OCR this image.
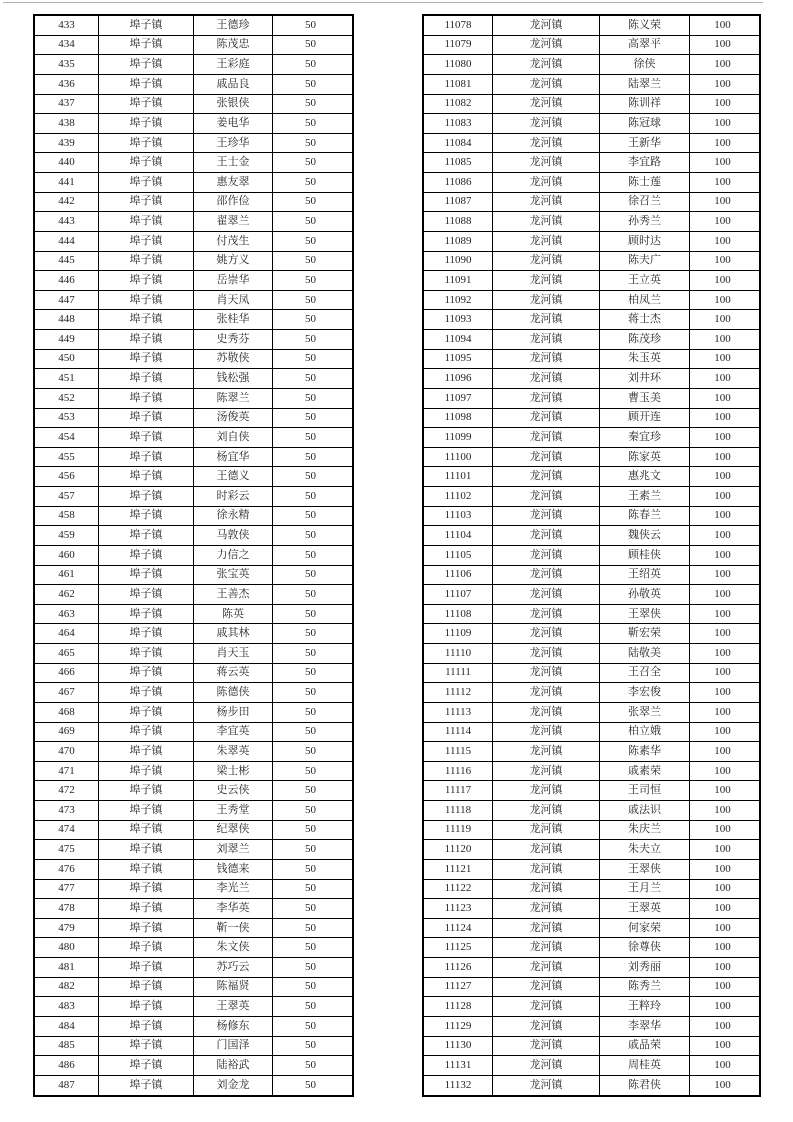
433	埠子镇	王德珍	50
434	埠子镇	陈茂忠	50
435	埠子镇	王彩庭	50
436	埠子镇	戚品良	50
437	埠子镇	张银侠	50
438	埠子镇	姜电华	50
439	埠子镇	王珍华	50
440	埠子镇	王士金	50
441	埠子镇	惠友翠	50
442	埠子镇	邵作俭	50
443	埠子镇	翟翠兰	50
444	埠子镇	付茂生	50
445	埠子镇	姚方义	50
446	埠子镇	岳崇华	50
447	埠子镇	肖天凤	50
448	埠子镇	张桂华	50
449	埠子镇	史秀芬	50
450	埠子镇	苏敬侠	50
451	埠子镇	钱松强	50
452	埠子镇	陈翠兰	50
453	埠子镇	汤俊英	50
454	埠子镇	刘自侠	50
455	埠子镇	杨宜华	50
456	埠子镇	王德义	50
457	埠子镇	时彩云	50
458	埠子镇	徐永精	50
459	埠子镇	马敦侠	50
460	埠子镇	力信之	50
461	埠子镇	张宝英	50
462	埠子镇	王善杰	50
463	埠子镇	陈英	50
464	埠子镇	戚其林	50
465	埠子镇	肖天玉	50
466	埠子镇	蒋云英	50
467	埠子镇	陈德侠	50
468	埠子镇	杨步田	50
469	埠子镇	李宜英	50
470	埠子镇	朱翠英	50
471	埠子镇	梁士彬	50
472	埠子镇	史云侠	50
473	埠子镇	王秀堂	50
474	埠子镇	纪翠侠	50
475	埠子镇	刘翠兰	50
476	埠子镇	钱德来	50
477	埠子镇	李光兰	50
478	埠子镇	李华英	50
479	埠子镇	靳一侠	50
480	埠子镇	朱文侠	50
481	埠子镇	苏巧云	50
482	埠子镇	陈福贤	50
483	埠子镇	王翠英	50
484	埠子镇	杨修东	50
485	埠子镇	门国泽	50
486	埠子镇	陆裕武	50
487	埠子镇	刘金龙	50
11078	龙河镇	陈义荣	100
11079	龙河镇	高翠平	100
11080	龙河镇	徐侠	100
11081	龙河镇	陆翠兰	100
11082	龙河镇	陈训祥	100
11083	龙河镇	陈冠球	100
11084	龙河镇	王新华	100
11085	龙河镇	李宜路	100
11086	龙河镇	陈士莲	100
11087	龙河镇	徐召兰	100
11088	龙河镇	孙秀兰	100
11089	龙河镇	顾时达	100
11090	龙河镇	陈夫广	100
11091	龙河镇	王立英	100
11092	龙河镇	柏凤兰	100
11093	龙河镇	蒋士杰	100
11094	龙河镇	陈茂珍	100
11095	龙河镇	朱玉英	100
11096	龙河镇	刘井环	100
11097	龙河镇	曹玉美	100
11098	龙河镇	顾开连	100
11099	龙河镇	秦宜珍	100
11100	龙河镇	陈家英	100
11101	龙河镇	惠兆文	100
11102	龙河镇	王素兰	100
11103	龙河镇	陈春兰	100
11104	龙河镇	魏侠云	100
11105	龙河镇	顾桂侠	100
11106	龙河镇	王绍英	100
11107	龙河镇	孙敬英	100
11108	龙河镇	王翠侠	100
11109	龙河镇	靳宏荣	100
11110	龙河镇	陆敬美	100
11111	龙河镇	王召全	100
11112	龙河镇	李宏俊	100
11113	龙河镇	张翠兰	100
11114	龙河镇	柏立娥	100
11115	龙河镇	陈素华	100
11116	龙河镇	戚素荣	100
11117	龙河镇	王司恒	100
11118	龙河镇	戚法识	100
11119	龙河镇	朱庆兰	100
11120	龙河镇	朱夫立	100
11121	龙河镇	王翠侠	100
11122	龙河镇	王月兰	100
11123	龙河镇	王翠英	100
11124	龙河镇	何家荣	100
11125	龙河镇	徐尊侠	100
11126	龙河镇	刘秀丽	100
11127	龙河镇	陈秀兰	100
11128	龙河镇	王粹玲	100
11129	龙河镇	李翠华	100
11130	龙河镇	戚品荣	100
11131	龙河镇	周桂英	100
11132	龙河镇	陈君侠	100
